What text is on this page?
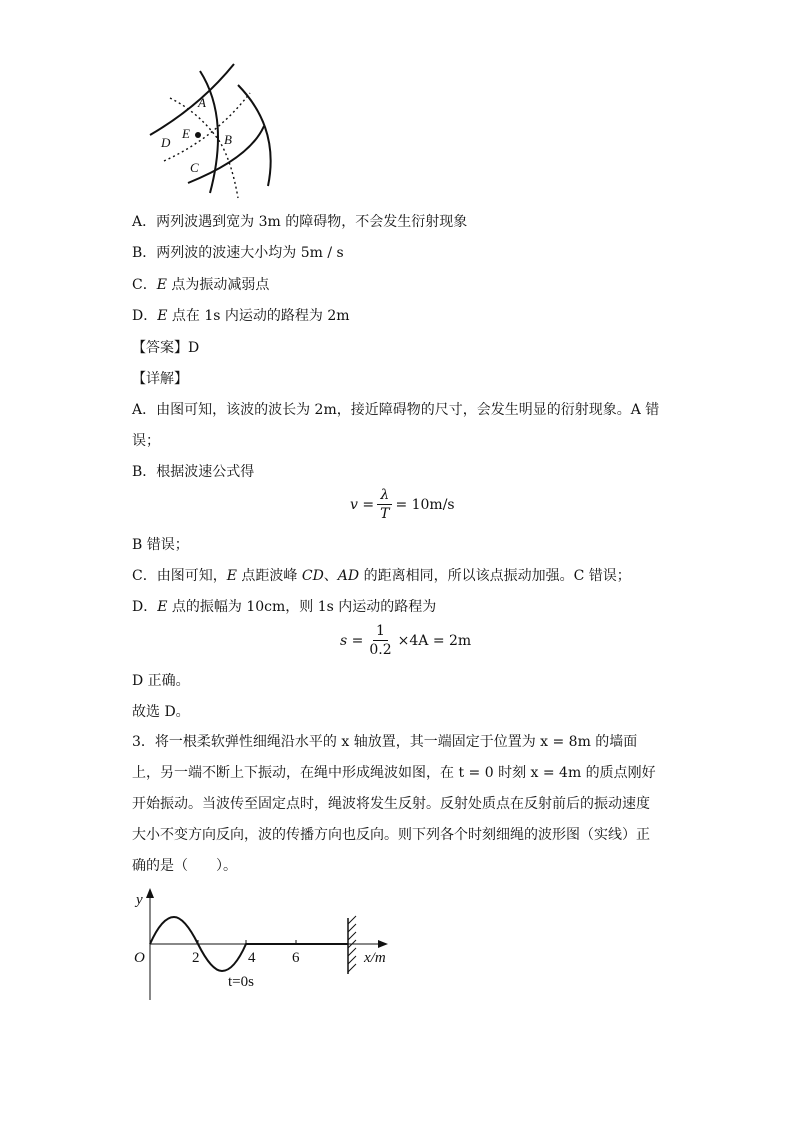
A
E	B
D
C
A．两列波遇到宽为 3m 的障碍物，不会发生衍射现象
B．两列波的波速大小均为 5m / s
C．E 点为振动减弱点
D．E 点在 1s 内运动的路程为 2m
【答案】D
【详解】
A．由图可知，该波的波长为 2m，接近障碍物的尺寸，会发生明显的衍射现象。A 错误；
B．根据波速公式得
$v = \frac{\lambda}{T} = 10m/s$
B 错误；
C．由图可知，E 点距波峰 CD、AD 的距离相同，所以该点振动加强。C 错误；
D．E 点的振幅为 10cm，则 1s 内运动的路程为
$s = \frac{1}{0.2} \times 4A = 2m$
D 正确。
故选 D。
3．将一根柔软弹性细绳沿水平的 x 轴放置，其一端固定于位置为 x = 8m 的墙面上，另一端不断上下振动，在绳中形成绳波如图，在 t = 0 时刻 x = 4m 的质点刚好开始振动。当波传至固定点时，绳波将发生反射。反射处质点在反射前后的振动速度大小不变方向反向，波的传播方向也反向。则下列各个时刻细绳的波形图（实线）正确的是（　　）。
y
O	2	4 6	x/m
t=0s
